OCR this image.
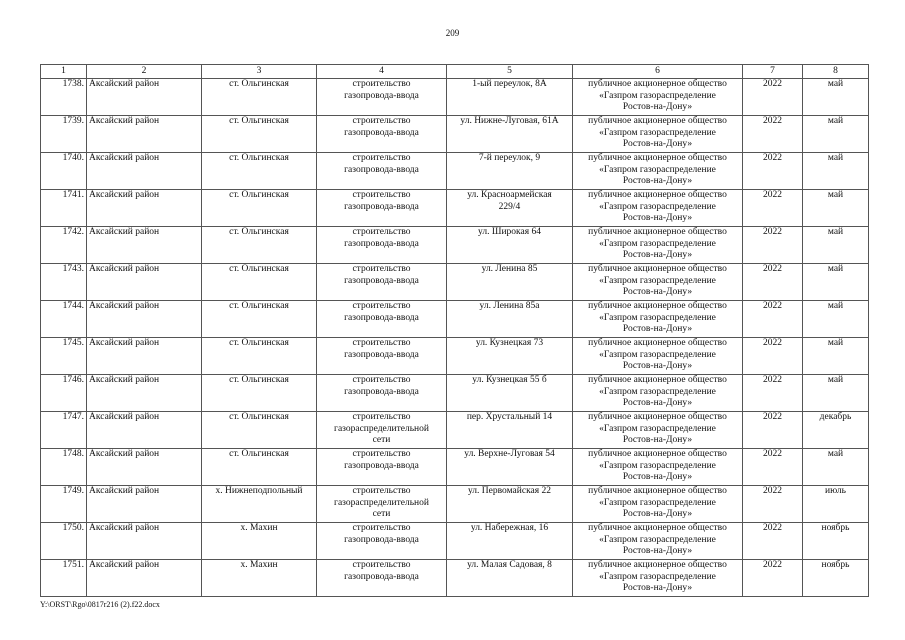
209
1	2	3	4	5	6	7	8
1738.	Аксайский район	ст. Ольгинская	строительство
газопровода-ввода	1-ый переулок, 8А	публичное акционерное общество
«Газпром газораспределение
Ростов-на-Дону»	2022	май
1739.	Аксайский район	ст. Ольгинская	строительство
газопровода-ввода	ул. Нижне-Луговая, 61А	публичное акционерное общество
«Газпром газораспределение
Ростов-на-Дону»	2022	май
1740.	Аксайский район	ст. Ольгинская	строительство
газопровода-ввода	7-й переулок, 9	публичное акционерное общество
«Газпром газораспределение
Ростов-на-Дону»	2022	май
1741.	Аксайский район	ст. Ольгинская	строительство
газопровода-ввода	ул. Красноармейская
229/4	публичное акционерное общество
«Газпром газораспределение
Ростов-на-Дону»	2022	май
1742.	Аксайский район	ст. Ольгинская	строительство
газопровода-ввода	ул. Широкая 64	публичное акционерное общество
«Газпром газораспределение
Ростов-на-Дону»	2022	май
1743.	Аксайский район	ст. Ольгинская	строительство
газопровода-ввода	ул. Ленина 85	публичное акционерное общество
«Газпром газораспределение
Ростов-на-Дону»	2022	май
1744.	Аксайский район	ст. Ольгинская	строительство
газопровода-ввода	ул. Ленина 85а	публичное акционерное общество
«Газпром газораспределение
Ростов-на-Дону»	2022	май
1745.	Аксайский район	ст. Ольгинская	строительство
газопровода-ввода	ул. Кузнецкая 73	публичное акционерное общество
«Газпром газораспределение
Ростов-на-Дону»	2022	май
1746.	Аксайский район	ст. Ольгинская	строительство
газопровода-ввода	ул. Кузнецкая 55 б	публичное акционерное общество
«Газпром газораспределение
Ростов-на-Дону»	2022	май
1747.	Аксайский район	ст. Ольгинская	строительство
газораспределительной
сети	пер. Хрустальный 14	публичное акционерное общество
«Газпром газораспределение
Ростов-на-Дону»	2022	декабрь
1748.	Аксайский район	ст. Ольгинская	строительство
газопровода-ввода	ул. Верхне-Луговая 54	публичное акционерное общество
«Газпром газораспределение
Ростов-на-Дону»	2022	май
1749.	Аксайский район	х. Нижнеподпольный	строительство
газораспределительной
сети	ул. Первомайская 22	публичное акционерное общество
«Газпром газораспределение
Ростов-на-Дону»	2022	июль
1750.	Аксайский район	х. Махин	строительство
газопровода-ввода	ул. Набережная, 16	публичное акционерное общество
«Газпром газораспределение
Ростов-на-Дону»	2022	ноябрь
1751.	Аксайский район	х. Махин	строительство
газопровода-ввода	ул. Малая Садовая, 8	публичное акционерное общество
«Газпром газораспределение
Ростов-на-Дону»	2022	ноябрь
Y:\ORST\Rgo\0817r216 (2).f22.docx
